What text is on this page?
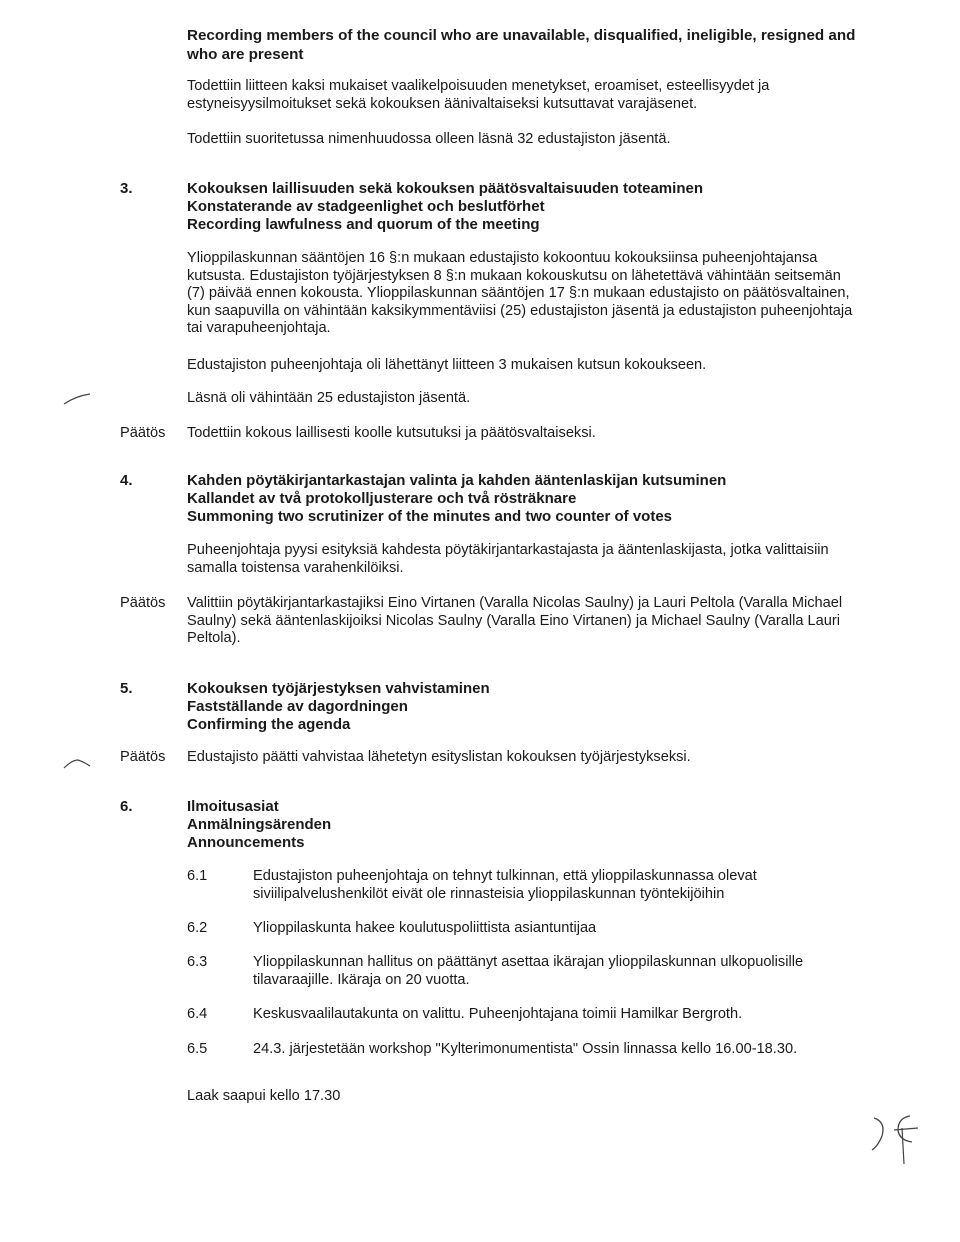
Recording members of the council who are unavailable, disqualified, ineligible, resigned and
who are present
Todettiin liitteen kaksi mukaiset vaalikelpoisuuden menetykset, eroamiset, esteellisyydet ja
estyneisyysilmoitukset sekä kokouksen äänivaltaiseksi kutsuttavat varajäsenet.
Todettiin suoritetussa nimenhuudossa olleen läsnä 32 edustajiston jäsentä.
3.	Kokouksen laillisuuden sekä kokouksen päätösvaltaisuuden toteaminen
Konstaterande av stadgeenlighet och beslutförhet
Recording lawfulness and quorum of the meeting
Ylioppilaskunnan sääntöjen 16 §:n mukaan edustajisto kokoontuu kokouksiinsa puheenjohtajansa
kutsusta. Edustajiston työjärjestyksen 8 §:n mukaan kokouskutsu on lähetettävä vähintään seitsemän
(7) päivää ennen kokousta. Ylioppilaskunnan sääntöjen 17 §:n mukaan edustajisto on päätösvaltainen,
kun saapuvilla on vähintään kaksikymmentäviisi (25) edustajiston jäsentä ja edustajiston puheenjohtaja
tai varapuheenjohtaja.
Edustajiston puheenjohtaja oli lähettänyt liitteen 3 mukaisen kutsun kokoukseen.
Läsnä oli vähintään 25 edustajiston jäsentä.
Päätös Todettiin kokous laillisesti koolle kutsutuksi ja päätösvaltaiseksi.
4.	Kahden pöytäkirjantarkastajan valinta ja kahden ääntenlaskijan kutsuminen
Kallandet av två protokolljusterare och två rösträknare
Summoning two scrutinizer of the minutes and two counter of votes
Puheenjohtaja pyysi esityksiä kahdesta pöytäkirjantarkastajasta ja ääntenlaskijasta, jotka valittaisiin
samalla toistensa varahenkilöiksi.
Päätös Valittiin pöytäkirjantarkastajiksi Eino Virtanen (Varalla Nicolas Saulny) ja Lauri Peltola (Varalla Michael
Saulny) sekä ääntenlaskijoiksi Nicolas Saulny (Varalla Eino Virtanen) ja Michael Saulny (Varalla Lauri
Peltola).
5.	Kokouksen työjärjestyksen vahvistaminen
Fastställande av dagordningen
Confirming the agenda
Päätös Edustajisto päätti vahvistaa lähetetyn esityslistan kokouksen työjärjestykseksi.
6.	Ilmoitusasiat
Anmälningsärenden
Announcements
6.1	Edustajiston puheenjohtaja on tehnyt tulkinnan, että ylioppilaskunnassa olevat
siviilipalvelushenkilöt eivät ole rinnasteisia ylioppilaskunnan työntekijöihin
6.2	Ylioppilaskunta hakee koulutuspoliittista asiantuntijaa
6.3	Ylioppilaskunnan hallitus on päättänyt asettaa ikärajan ylioppilaskunnan ulkopuolisille
tilavaraajille. Ikäraja on 20 vuotta.
6.4	Keskusvaalilautakunta on valittu. Puheenjohtajana toimii Hamilkar Bergroth.
6.5	24.3. järjestetään workshop "Kylterimonumentista" Ossin linnassa kello 16.00-18.30.
Laak saapui kello 17.30
